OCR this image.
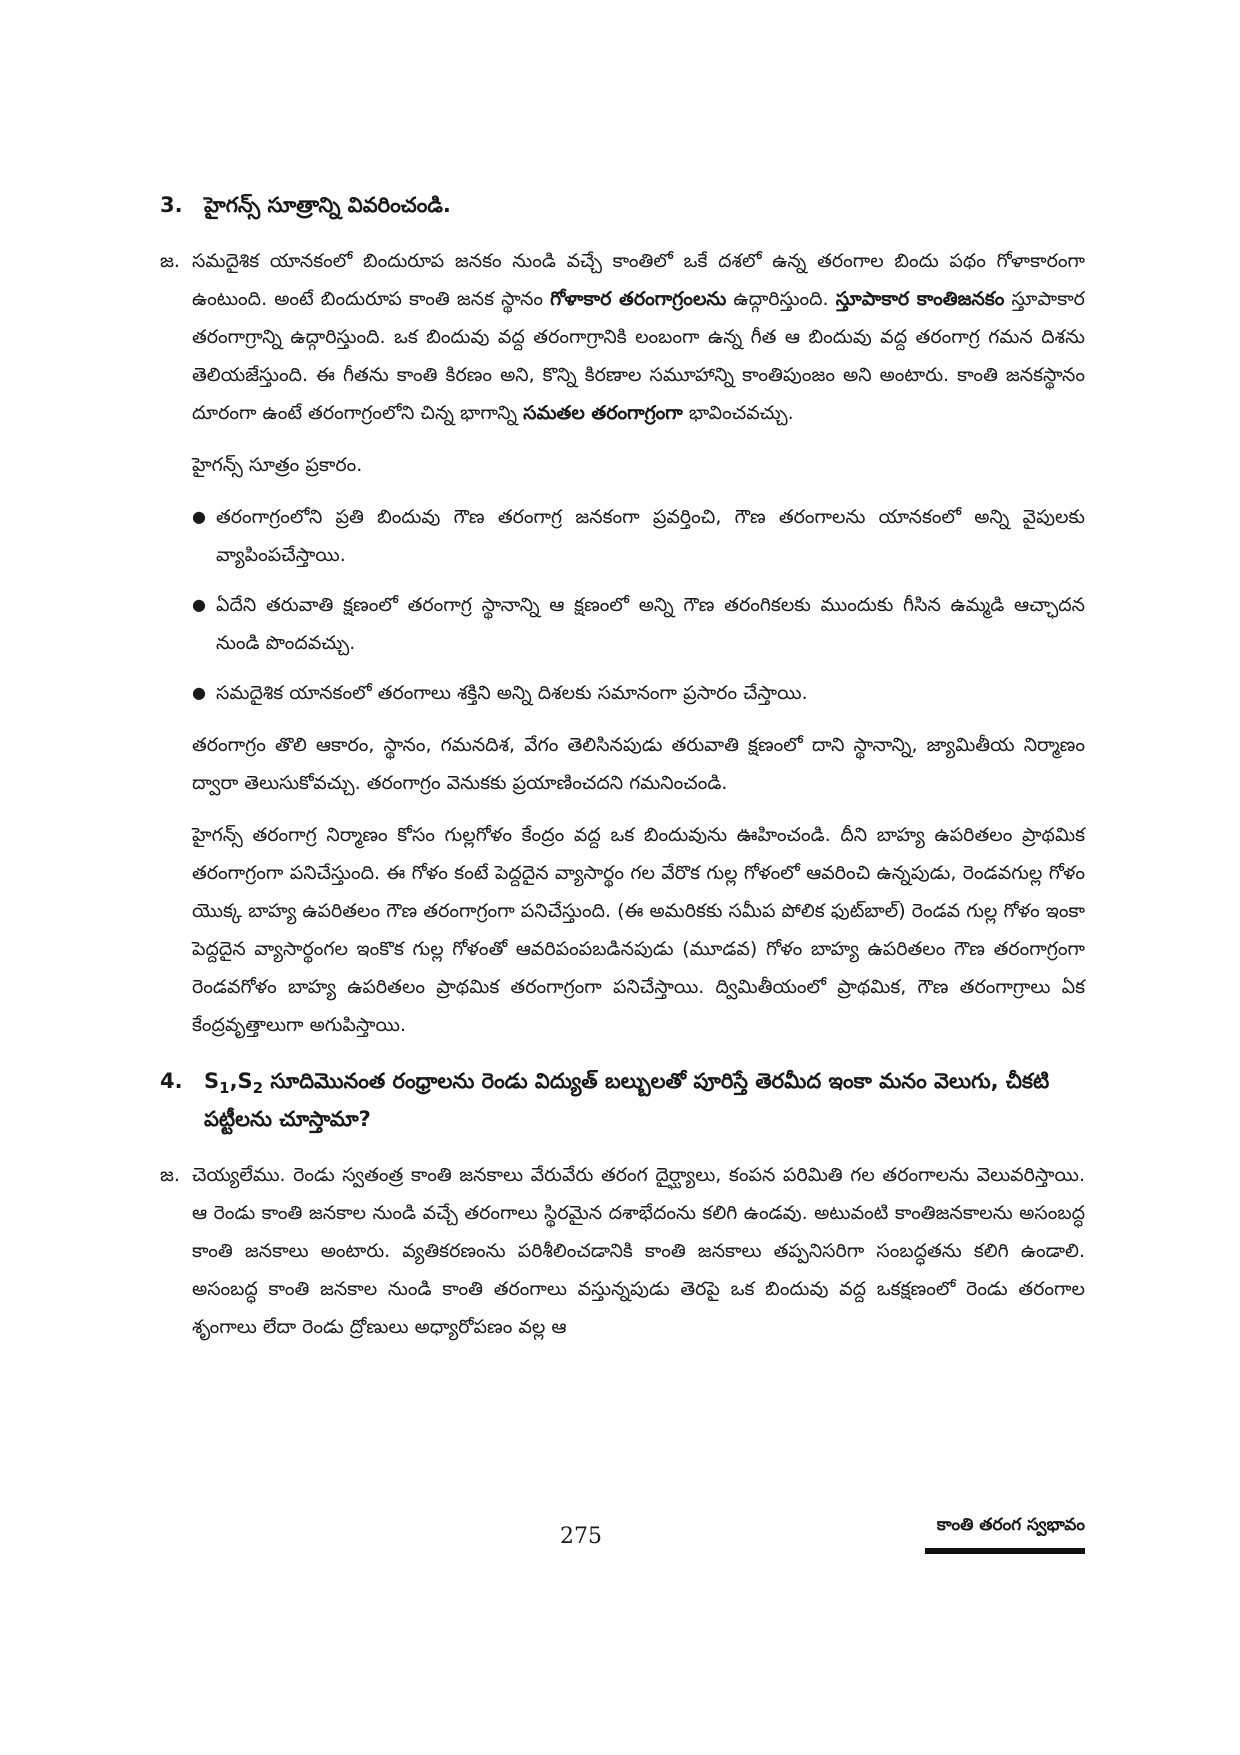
3.	హైగన్స్ సూత్రాన్ని వివరించండి.
జ. సమదైశిక యానకంలో బిందురూప జనకం నుండి వచ్చే కాంతిలో ఒకే దశలో ఉన్న తరంగాల బిందు పథం గోళాకారంగా ఉంటుంది. అంటే బిందురూప కాంతి జనక స్థానం గోళాకార తరంగాగ్రంలను ఉద్గారిస్తుంది. స్తూపాకార కాంతిజనకం స్తూపాకార తరంగాగ్రాన్ని ఉద్గారిస్తుంది. ఒక బిందువు వద్ద తరంగాగ్రానికి లంబంగా ఉన్న గీత ఆ బిందువు వద్ద తరంగాగ్ర గమన దిశను తెలియజేస్తుంది. ఈ గీతను కాంతి కిరణం అని, కొన్ని కిరణాల సమూహాన్ని కాంతిపుంజం అని అంటారు. కాంతి జనకస్థానం దూరంగా ఉంటే తరంగాగ్రంలోని చిన్న భాగాన్ని సమతల తరంగాగ్రంగా భావించవచ్చు.

హైగన్స్ సూత్రం ప్రకారం.

● తరంగాగ్రంలోని ప్రతి బిందువు గౌణ తరంగాగ్ర జనకంగా ప్రవర్తించి, గౌణ తరంగాలను యానకంలో అన్ని వైపులకు వ్యాపింపచేస్తాయి.
● ఏదేని తరువాతి క్షణంలో తరంగాగ్ర స్థానాన్ని ఆ క్షణంలో అన్ని గౌణ తరంగికలకు ముందుకు గీసిన ఉమ్మడి ఆచ్ఛాదన నుండి పొందవచ్చు.
● సమదైశిక యానకంలో తరంగాలు శక్తిని అన్ని దిశలకు సమానంగా ప్రసారం చేస్తాయి.

తరంగాగ్రం తొలి ఆకారం, స్థానం, గమనదిశ, వేగం తెలిసినపుడు తరువాతి క్షణంలో దాని స్థానాన్ని, జ్యామితీయ నిర్మాణం ద్వారా తెలుసుకోవచ్చు. తరంగాగ్రం వెనుకకు ప్రయాణించదని గమనించండి.

హైగన్స్ తరంగాగ్ర నిర్మాణం కోసం గుల్లగోళం కేంద్రం వద్ద ఒక బిందువును ఊహించండి. దీని బాహ్య ఉపరితలం ప్రాథమిక తరంగాగ్రంగా పనిచేస్తుంది. ఈ గోళం కంటే పెద్దదైన వ్యాసార్థం గల వేరొక గుల్ల గోళంలో ఆవరించి ఉన్నపుడు, రెండవగుల్ల గోళం యొక్క బాహ్య ఉపరితలం గౌణ తరంగాగ్రంగా పనిచేస్తుంది. (ఈ అమరికకు సమీప పోలిక ఫుట్‌బాల్) రెండవ గుల్ల గోళం ఇంకా పెద్దదైన వ్యాసార్థంగల ఇంకొక గుల్ల గోళంతో ఆవరిపంపబడినపుడు (మూడవ) గోళం బాహ్య ఉపరితలం గౌణ తరంగాగ్రంగా రెండవగోళం బాహ్య ఉపరితలం ప్రాథమిక తరంగాగ్రంగా పనిచేస్తాయి. ద్విమితీయంలో ప్రాథమిక, గౌణ తరంగాగ్రాలు ఏక కేంద్రవృత్తాలుగా అగుపిస్తాయి.

4.	$S_1,S_2$ సూదిమొనంత రంధ్రాలను రెండు విద్యుత్ బల్బులతో పూరిస్తే తెరమీద ఇంకా మనం వెలుగు, చీకటి పట్టీలను చూస్తామా?
జ. చెయ్యలేము. రెండు స్వతంత్ర కాంతి జనకాలు వేరువేరు తరంగ దైర్ఘ్యాలు, కంపన పరిమితి గల తరంగాలను వెలువరిస్తాయి. ఆ రెండు కాంతి జనకాల నుండి వచ్చే తరంగాలు స్థిరమైన దశాభేదంను కలిగి ఉండవు. అటువంటి కాంతిజనకాలను అసంబద్ధ కాంతి జనకాలు అంటారు. వ్యతికరణంను పరిశీలించడానికి కాంతి జనకాలు తప్పనిసరిగా సంబద్ధతను కలిగి ఉండాలి. అసంబద్ధ కాంతి జనకాల నుండి కాంతి తరంగాలు వస్తున్నపుడు తెరపై ఒక బిందువు వద్ద ఒకక్షణంలో రెండు తరంగాల శృంగాలు లేదా రెండు ద్రోణులు అధ్యారోపణం వల్ల ఆ

275	కాంతి తరంగ స్వభావం
